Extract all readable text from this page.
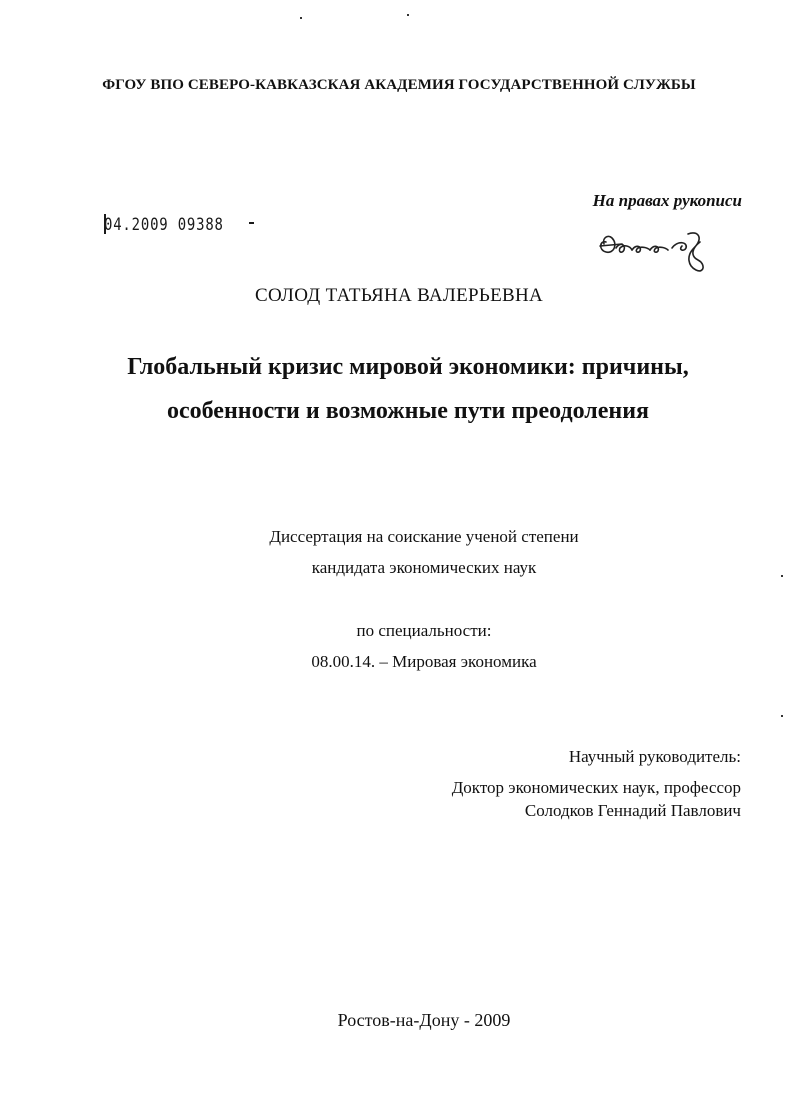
ФГОУ ВПО СЕВЕРО-КАВКАЗСКАЯ АКАДЕМИЯ ГОСУДАРСТВЕННОЙ СЛУЖБЫ
На правах рукописи
04.2009 09388
СОЛОД ТАТЬЯНА ВАЛЕРЬЕВНА
Глобальный кризис мировой экономики: причины,
особенности и возможные пути преодоления
Диссертация на соискание ученой степени
кандидата экономических наук
по специальности:
08.00.14. – Мировая экономика
Научный руководитель:
Доктор экономических наук, профессор
Солодков Геннадий Павлович
Ростов-на-Дону - 2009
